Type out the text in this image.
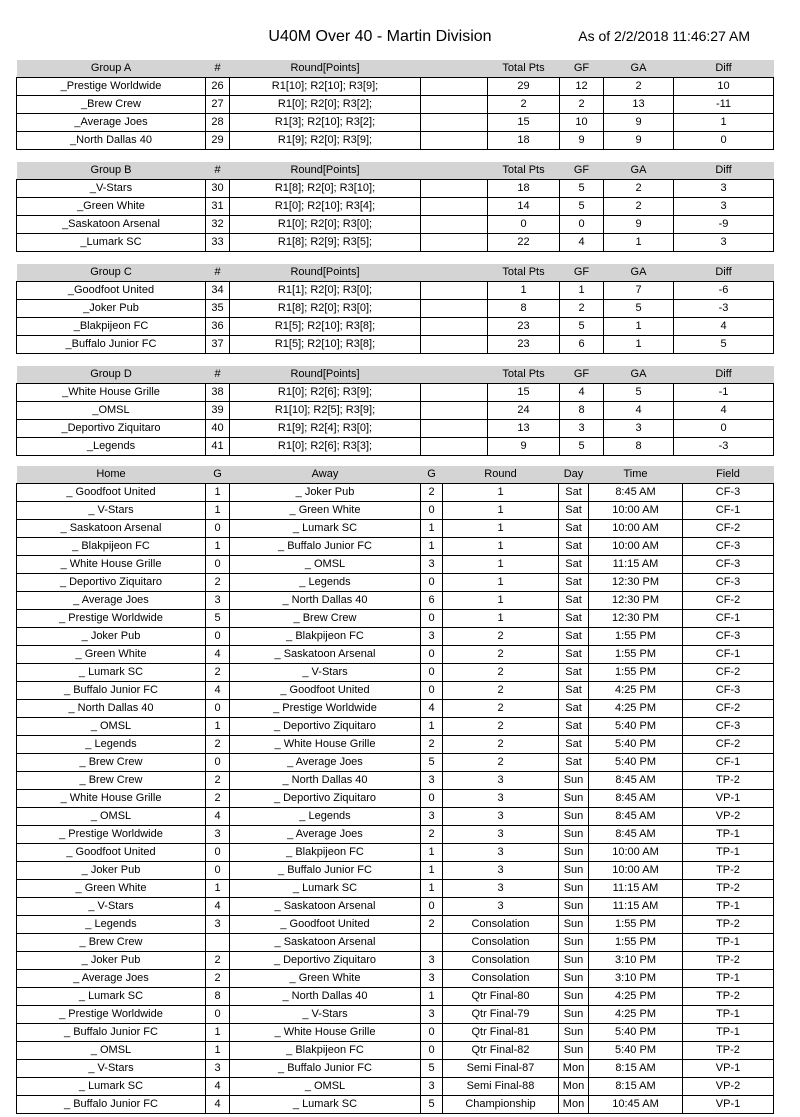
U40M Over 40 - Martin Division	As of 2/2/2018 11:46:27 AM
Group A	#	Round[Points]		Total Pts	GF	GA	Diff
_Prestige Worldwide	26	R1[10]; R2[10]; R3[9];		29	12	2	10
_Brew Crew	27	R1[0]; R2[0]; R3[2];		2	2	13	-11
_Average Joes	28	R1[3]; R2[10]; R3[2];		15	10	9	1
_North Dallas 40	29	R1[9]; R2[0]; R3[9];		18	9	9	0
Group B	#	Round[Points]		Total Pts	GF	GA	Diff
_V-Stars	30	R1[8]; R2[0]; R3[10];		18	5	2	3
_Green White	31	R1[0]; R2[10]; R3[4];		14	5	2	3
_Saskatoon Arsenal	32	R1[0]; R2[0]; R3[0];		0	0	9	-9
_Lumark SC	33	R1[8]; R2[9]; R3[5];		22	4	1	3
Group C	#	Round[Points]		Total Pts	GF	GA	Diff
_Goodfoot United	34	R1[1]; R2[0]; R3[0];		1	1	7	-6
_Joker Pub	35	R1[8]; R2[0]; R3[0];		8	2	5	-3
_Blakpijeon FC	36	R1[5]; R2[10]; R3[8];		23	5	1	4
_Buffalo Junior FC	37	R1[5]; R2[10]; R3[8];		23	6	1	5
Group D	#	Round[Points]		Total Pts	GF	GA	Diff
_White House Grille	38	R1[0]; R2[6]; R3[9];		15	4	5	-1
_OMSL	39	R1[10]; R2[5]; R3[9];		24	8	4	4
_Deportivo Ziquitaro	40	R1[9]; R2[4]; R3[0];		13	3	3	0
_Legends	41	R1[0]; R2[6]; R3[3];		9	5	8	-3
Home	G	Away	G	Round	Day	Time	Field
_ Goodfoot United	1	_ Joker Pub	2	1	Sat	8:45 AM	CF-3
_ V-Stars	1	_ Green White	0	1	Sat	10:00 AM	CF-1
_ Saskatoon Arsenal	0	_ Lumark SC	1	1	Sat	10:00 AM	CF-2
_ Blakpijeon FC	1	_ Buffalo Junior FC	1	1	Sat	10:00 AM	CF-3
_ White House Grille	0	_ OMSL	3	1	Sat	11:15 AM	CF-3
_ Deportivo Ziquitaro	2	_ Legends	0	1	Sat	12:30 PM	CF-3
_ Average Joes	3	_ North Dallas 40	6	1	Sat	12:30 PM	CF-2
_ Prestige Worldwide	5	_ Brew Crew	0	1	Sat	12:30 PM	CF-1
_ Joker Pub	0	_ Blakpijeon FC	3	2	Sat	1:55 PM	CF-3
_ Green White	4	_ Saskatoon Arsenal	0	2	Sat	1:55 PM	CF-1
_ Lumark SC	2	_ V-Stars	0	2	Sat	1:55 PM	CF-2
_ Buffalo Junior FC	4	_ Goodfoot United	0	2	Sat	4:25 PM	CF-3
_ North Dallas 40	0	_ Prestige Worldwide	4	2	Sat	4:25 PM	CF-2
_ OMSL	1	_ Deportivo Ziquitaro	1	2	Sat	5:40 PM	CF-3
_ Legends	2	_ White House Grille	2	2	Sat	5:40 PM	CF-2
_ Brew Crew	0	_ Average Joes	5	2	Sat	5:40 PM	CF-1
_ Brew Crew	2	_ North Dallas 40	3	3	Sun	8:45 AM	TP-2
_ White House Grille	2	_ Deportivo Ziquitaro	0	3	Sun	8:45 AM	VP-1
_ OMSL	4	_ Legends	3	3	Sun	8:45 AM	VP-2
_ Prestige Worldwide	3	_ Average Joes	2	3	Sun	8:45 AM	TP-1
_ Goodfoot United	0	_ Blakpijeon FC	1	3	Sun	10:00 AM	TP-1
_ Joker Pub	0	_ Buffalo Junior FC	1	3	Sun	10:00 AM	TP-2
_ Green White	1	_ Lumark SC	1	3	Sun	11:15 AM	TP-2
_ V-Stars	4	_ Saskatoon Arsenal	0	3	Sun	11:15 AM	TP-1
_ Legends	3	_ Goodfoot United	2	Consolation	Sun	1:55 PM	TP-2
_ Brew Crew		_ Saskatoon Arsenal		Consolation	Sun	1:55 PM	TP-1
_ Joker Pub	2	_ Deportivo Ziquitaro	3	Consolation	Sun	3:10 PM	TP-2
_ Average Joes	2	_ Green White	3	Consolation	Sun	3:10 PM	TP-1
_ Lumark SC	8	_ North Dallas 40	1	Qtr Final-80	Sun	4:25 PM	TP-2
_ Prestige Worldwide	0	_ V-Stars	3	Qtr Final-79	Sun	4:25 PM	TP-1
_ Buffalo Junior FC	1	_ White House Grille	0	Qtr Final-81	Sun	5:40 PM	TP-1
_ OMSL	1	_ Blakpijeon FC	0	Qtr Final-82	Sun	5:40 PM	TP-2
_ V-Stars	3	_ Buffalo Junior FC	5	Semi Final-87	Mon	8:15 AM	VP-1
_ Lumark SC	4	_ OMSL	3	Semi Final-88	Mon	8:15 AM	VP-2
_ Buffalo Junior FC	4	_ Lumark SC	5	Championship	Mon	10:45 AM	VP-1
